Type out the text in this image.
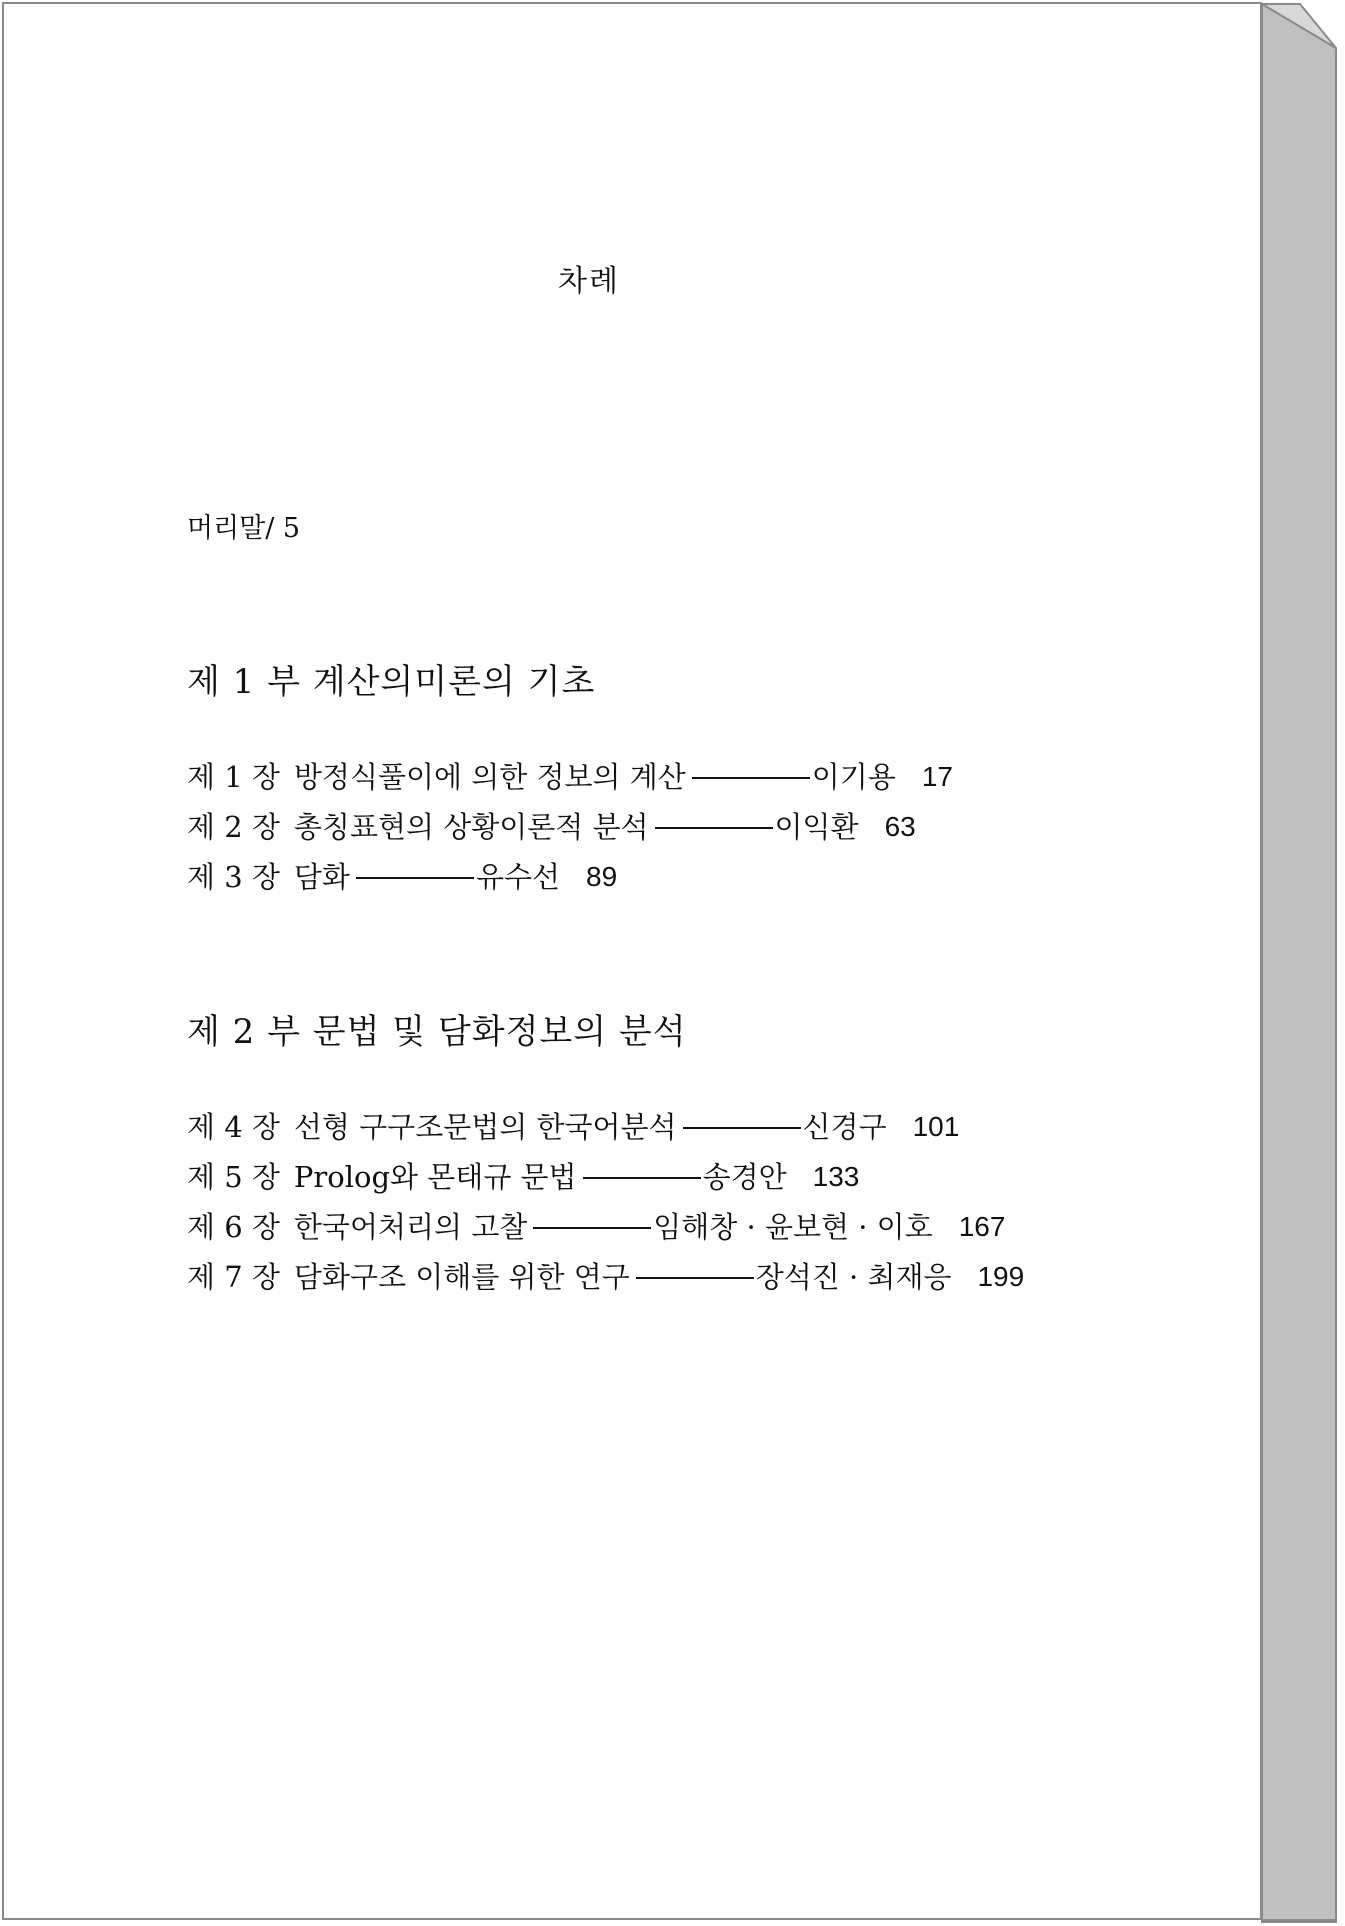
차례
머리말/ 5
제 1 부 계산의미론의 기초
제 1 장 방정식풀이에 의한 정보의 계산	이기용 17
제 2 장 총칭표현의 상황이론적 분석	이익환 63
제 3 장 담화	유수선 89
제 2 부 문법 및 담화정보의 분석
제 4 장 선형 구구조문법의 한국어분석	신경구 101
제 5 장 Prolog와 몬태규 문법	송경안 133
제 6 장 한국어처리의 고찰	임해창 · 윤보현 · 이호 167
제 7 장 담화구조 이해를 위한 연구	장석진 · 최재응 199
